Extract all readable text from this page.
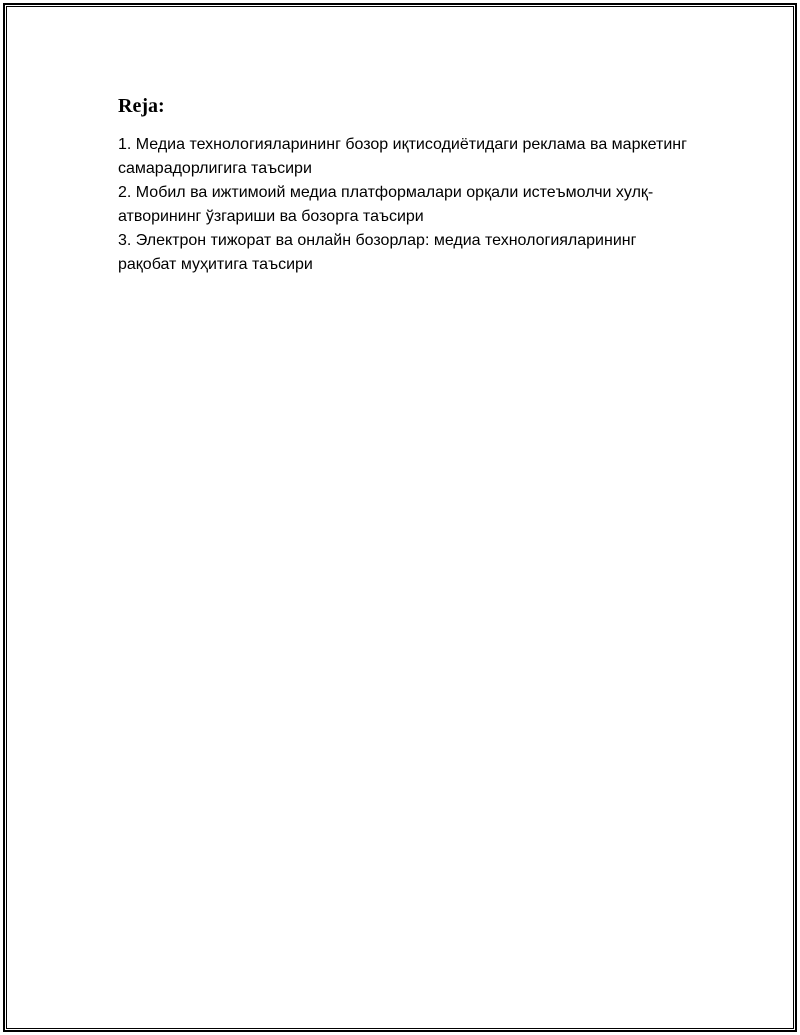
Reja:
1. Медиа технологияларининг бозор иқтисодиётидаги реклама ва маркетинг самарадорлигига таъсири
2. Мобил ва ижтимоий медиа платформалари орқали истеъмолчи хулқ-атворининг ўзгариши ва бозорга таъсири
3. Электрон тижорат ва онлайн бозорлар: медиа технологияларининг рақобат муҳитига таъсири
